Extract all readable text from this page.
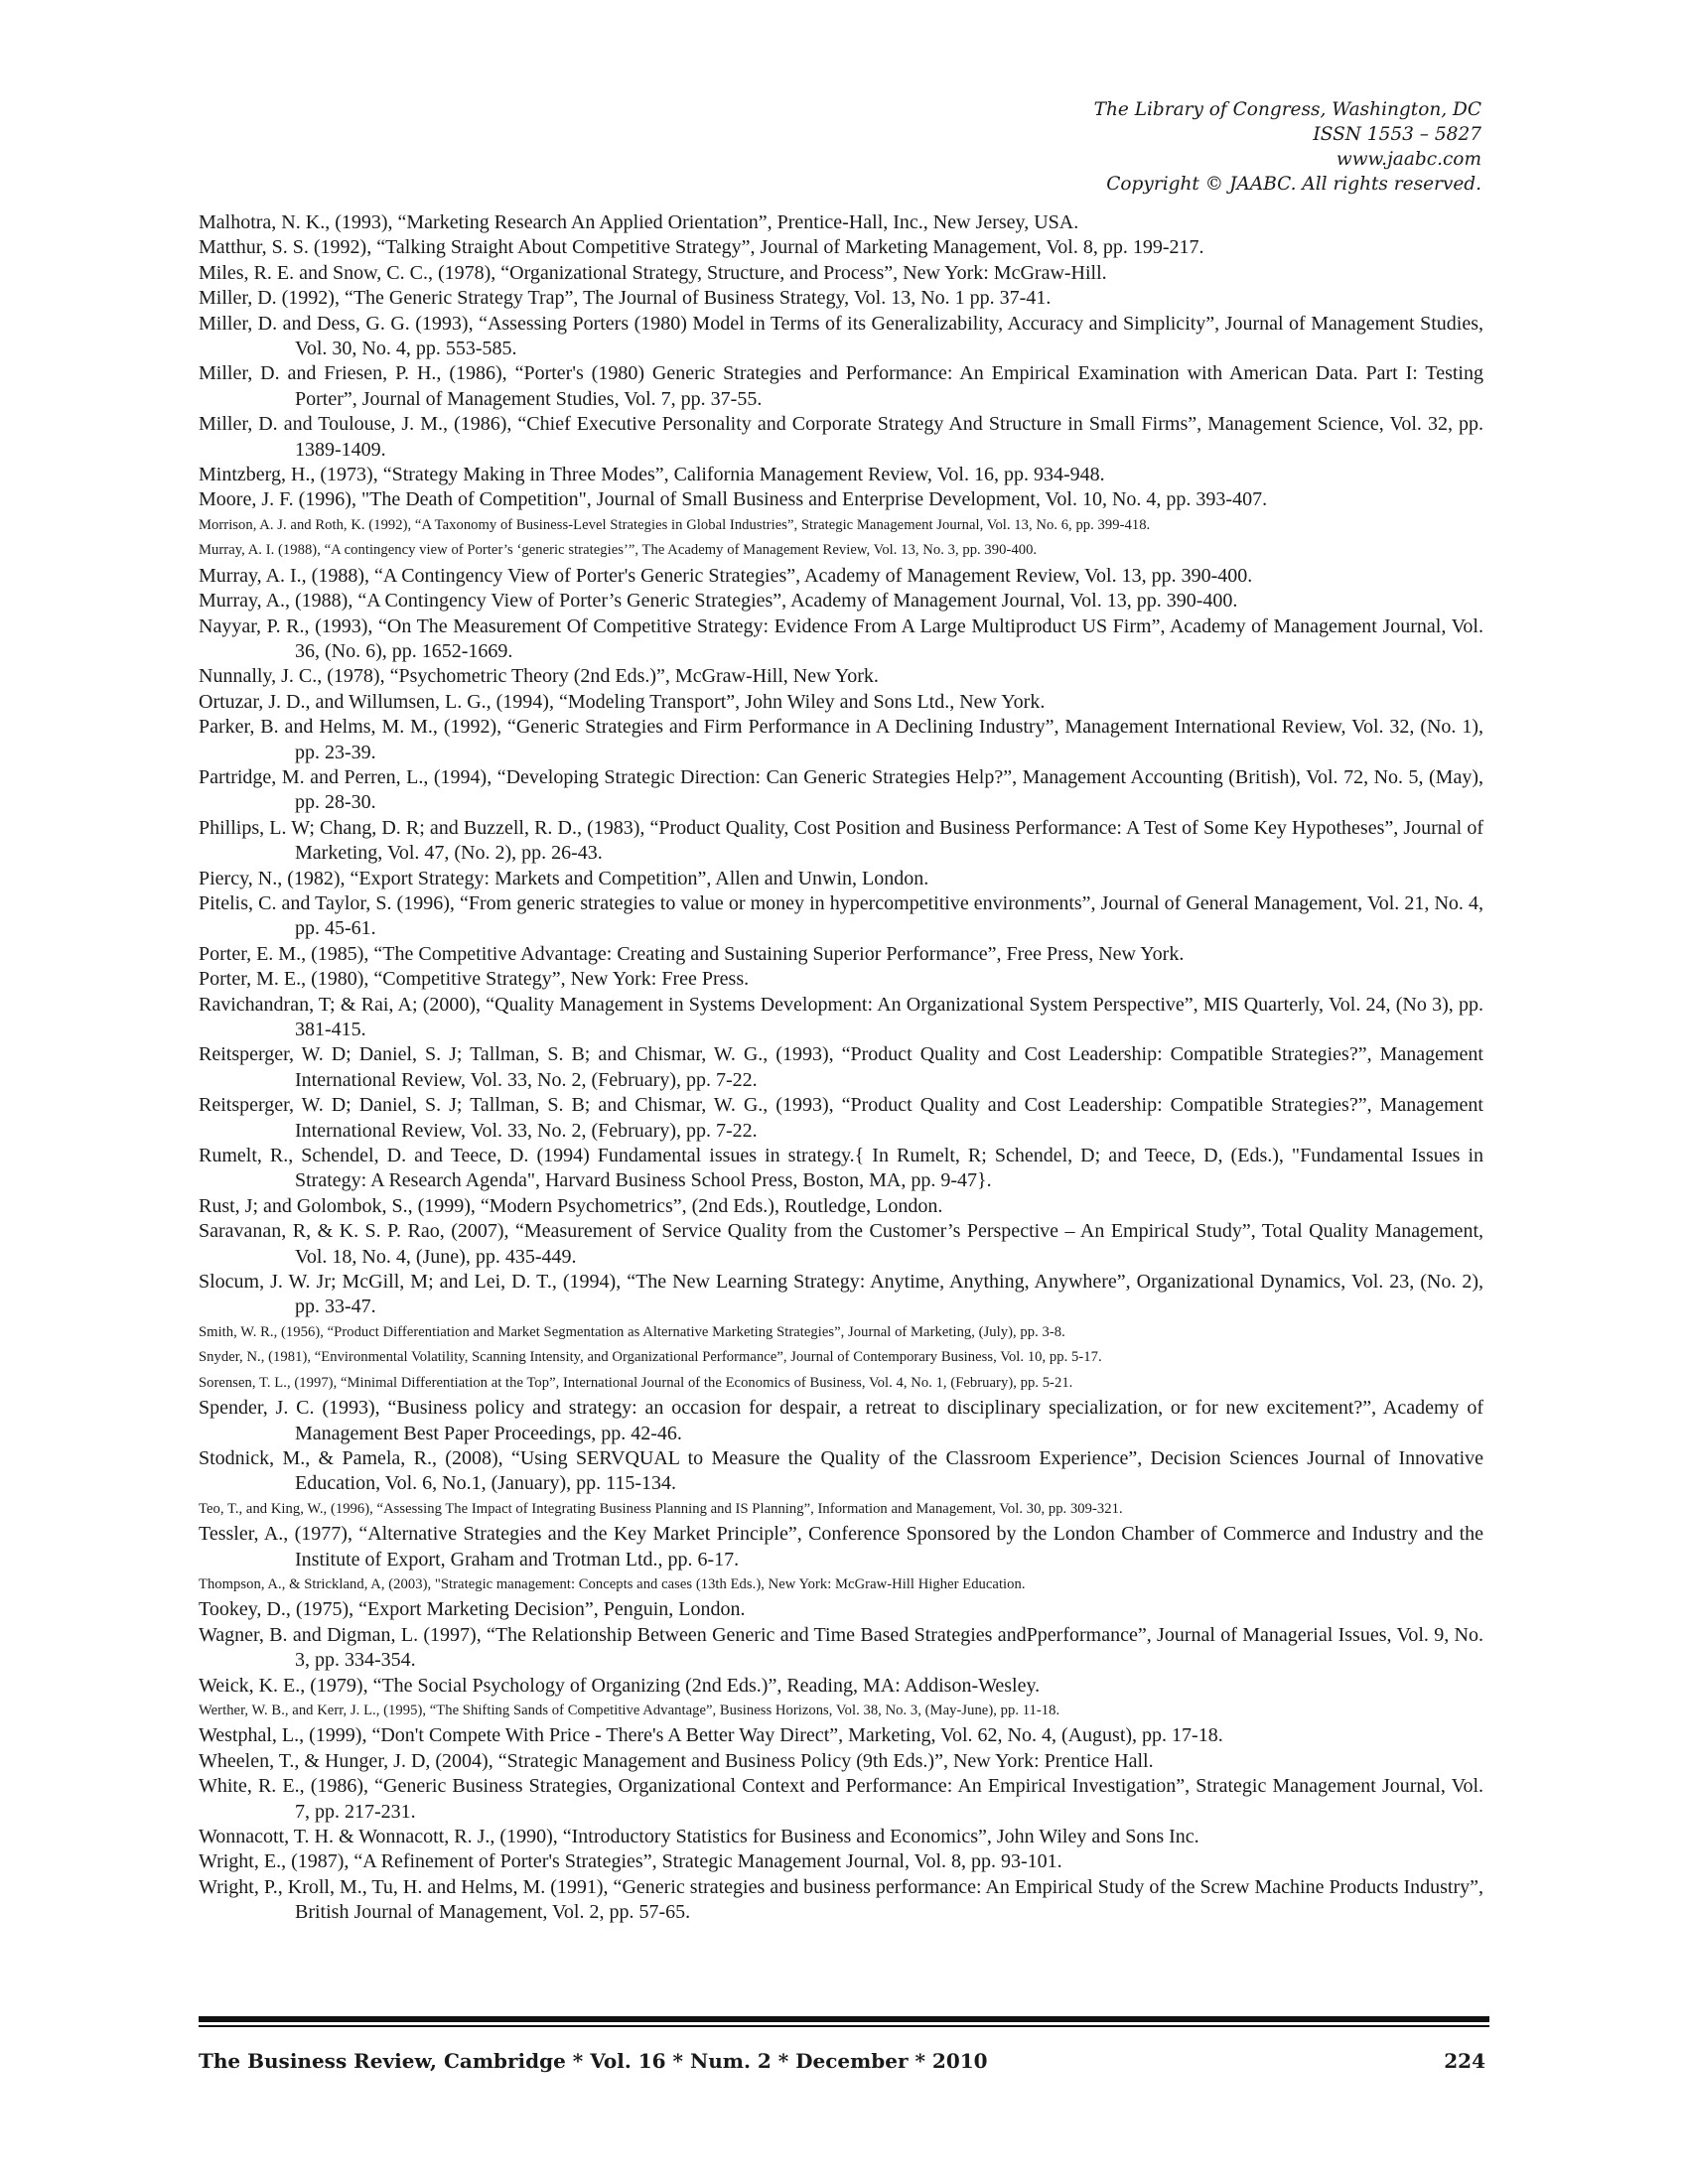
The Library of Congress, Washington, DC
ISSN 1553 – 5827
www.jaabc.com
Copyright © JAABC. All rights reserved.

Malhotra, N. K., (1993), “Marketing Research An Applied Orientation”, Prentice-Hall, Inc., New Jersey, USA.

Matthur, S. S. (1992), “Talking Straight About Competitive Strategy”, Journal of Marketing Management, Vol. 8, pp. 199-217.

Miles, R. E. and Snow, C. C., (1978), “Organizational Strategy, Structure, and Process”, New York: McGraw-Hill.

Miller, D. (1992), “The Generic Strategy Trap”, The Journal of Business Strategy, Vol. 13, No. 1 pp. 37-41.

Miller, D. and Dess, G. G. (1993), “Assessing Porters (1980) Model in Terms of its Generalizability, Accuracy and Simplicity”, Journal of Management Studies, Vol. 30, No. 4, pp. 553-585.

Miller, D. and Friesen, P. H., (1986), “Porter's (1980) Generic Strategies and Performance: An Empirical Examination with American Data. Part I: Testing Porter”, Journal of Management Studies, Vol. 7, pp. 37-55.

Miller, D. and Toulouse, J. M., (1986), “Chief Executive Personality and Corporate Strategy And Structure in Small Firms”, Management Science, Vol. 32, pp. 1389-1409.

Mintzberg, H., (1973), “Strategy Making in Three Modes”, California Management Review, Vol. 16, pp. 934-948.

Moore, J. F. (1996), "The Death of Competition", Journal of Small Business and Enterprise Development, Vol. 10, No. 4, pp. 393-407.

Morrison, A. J. and Roth, K. (1992), “A Taxonomy of Business-Level Strategies in Global Industries”, Strategic Management Journal, Vol. 13, No. 6, pp. 399-418.

Murray, A. I. (1988), “A contingency view of Porter’s ‘generic strategies’”, The Academy of Management Review, Vol. 13, No. 3, pp. 390-400.

Murray, A. I., (1988), “A Contingency View of Porter's Generic Strategies”, Academy of Management Review, Vol. 13, pp. 390-400.

Murray, A., (1988), “A Contingency View of Porter’s Generic Strategies”, Academy of Management Journal, Vol. 13, pp. 390-400.

Nayyar, P. R., (1993), “On The Measurement Of Competitive Strategy: Evidence From A Large Multiproduct US Firm”, Academy of Management Journal, Vol. 36, (No. 6), pp. 1652-1669.

Nunnally, J. C., (1978), “Psychometric Theory (2nd Eds.)”, McGraw-Hill, New York.

Ortuzar, J. D., and Willumsen, L. G., (1994), “Modeling Transport”, John Wiley and Sons Ltd., New York.

Parker, B. and Helms, M. M., (1992), “Generic Strategies and Firm Performance in A Declining Industry”, Management International Review, Vol. 32, (No. 1), pp. 23-39.

Partridge, M. and Perren, L., (1994), “Developing Strategic Direction: Can Generic Strategies Help?”, Management Accounting (British), Vol. 72, No. 5, (May), pp. 28-30.

Phillips, L. W; Chang, D. R; and Buzzell, R. D., (1983), “Product Quality, Cost Position and Business Performance: A Test of Some Key Hypotheses”, Journal of Marketing, Vol. 47, (No. 2), pp. 26-43.

Piercy, N., (1982), “Export Strategy: Markets and Competition”, Allen and Unwin, London.

Pitelis, C. and Taylor, S. (1996), “From generic strategies to value or money in hypercompetitive environments”, Journal of General Management, Vol. 21, No. 4, pp. 45-61.

Porter, E. M., (1985), “The Competitive Advantage: Creating and Sustaining Superior Performance”, Free Press, New York.

Porter, M. E., (1980), “Competitive Strategy”, New York: Free Press.

Ravichandran, T; & Rai, A; (2000), “Quality Management in Systems Development: An Organizational System Perspective”, MIS Quarterly, Vol. 24, (No 3), pp. 381-415.

Reitsperger, W. D; Daniel, S. J; Tallman, S. B; and Chismar, W. G., (1993), “Product Quality and Cost Leadership: Compatible Strategies?”, Management International Review, Vol. 33, No. 2, (February), pp. 7-22.

Reitsperger, W. D; Daniel, S. J; Tallman, S. B; and Chismar, W. G., (1993), “Product Quality and Cost Leadership: Compatible Strategies?”, Management International Review, Vol. 33, No. 2, (February), pp. 7-22.

Rumelt, R., Schendel, D. and Teece, D. (1994) Fundamental issues in strategy.{ In Rumelt, R; Schendel, D; and Teece, D, (Eds.), "Fundamental Issues in Strategy: A Research Agenda", Harvard Business School Press, Boston, MA, pp. 9-47}.

Rust, J; and Golombok, S., (1999), “Modern Psychometrics”, (2nd Eds.), Routledge, London.

Saravanan, R, & K. S. P. Rao, (2007), “Measurement of Service Quality from the Customer’s Perspective – An Empirical Study”, Total Quality Management, Vol. 18, No. 4, (June), pp. 435-449.

Slocum, J. W. Jr; McGill, M; and Lei, D. T., (1994), “The New Learning Strategy: Anytime, Anything, Anywhere”, Organizational Dynamics, Vol. 23, (No. 2), pp. 33-47.

Smith, W. R., (1956), “Product Differentiation and Market Segmentation as Alternative Marketing Strategies”, Journal of Marketing, (July), pp. 3-8.

Snyder, N., (1981), “Environmental Volatility, Scanning Intensity, and Organizational Performance”, Journal of Contemporary Business, Vol. 10, pp. 5-17.

Sorensen, T. L., (1997), “Minimal Differentiation at the Top”, International Journal of the Economics of Business, Vol. 4, No. 1, (February), pp. 5-21.

Spender, J. C. (1993), “Business policy and strategy: an occasion for despair, a retreat to disciplinary specialization, or for new excitement?”, Academy of Management Best Paper Proceedings, pp. 42-46.

Stodnick, M., & Pamela, R., (2008), “Using SERVQUAL to Measure the Quality of the Classroom Experience”, Decision Sciences Journal of Innovative Education, Vol. 6, No.1, (January), pp. 115-134.

Teo, T., and King, W., (1996), “Assessing The Impact of Integrating Business Planning and IS Planning”, Information and Management, Vol. 30, pp. 309-321.

Tessler, A., (1977), “Alternative Strategies and the Key Market Principle”, Conference Sponsored by the London Chamber of Commerce and Industry and the Institute of Export, Graham and Trotman Ltd., pp. 6-17.

Thompson, A., & Strickland, A, (2003), "Strategic management: Concepts and cases (13th Eds.), New York: McGraw-Hill Higher Education.

Tookey, D., (1975), “Export Marketing Decision”, Penguin, London.

Wagner, B. and Digman, L. (1997), “The Relationship Between Generic and Time Based Strategies andPperformance”, Journal of Managerial Issues, Vol. 9, No. 3, pp. 334-354.

Weick, K. E., (1979), “The Social Psychology of Organizing (2nd Eds.)”, Reading, MA: Addison-Wesley.

Werther, W. B., and Kerr, J. L., (1995), “The Shifting Sands of Competitive Advantage”, Business Horizons, Vol. 38, No. 3, (May-June), pp. 11-18.

Westphal, L., (1999), “Don't Compete With Price - There's A Better Way Direct”, Marketing, Vol. 62, No. 4, (August), pp. 17-18.

Wheelen, T., & Hunger, J. D, (2004), “Strategic Management and Business Policy (9th Eds.)”, New York: Prentice Hall.

White, R. E., (1986), “Generic Business Strategies, Organizational Context and Performance: An Empirical Investigation”, Strategic Management Journal, Vol. 7, pp. 217-231.

Wonnacott, T. H. & Wonnacott, R. J., (1990), “Introductory Statistics for Business and Economics”, John Wiley and Sons Inc.

Wright, E., (1987), “A Refinement of Porter's Strategies”, Strategic Management Journal, Vol. 8, pp. 93-101.

Wright, P., Kroll, M., Tu, H. and Helms, M. (1991), “Generic strategies and business performance: An Empirical Study of the Screw Machine Products Industry”, British Journal of Management, Vol. 2, pp. 57-65.

The Business Review, Cambridge * Vol. 16 * Num. 2 * December * 2010	224
